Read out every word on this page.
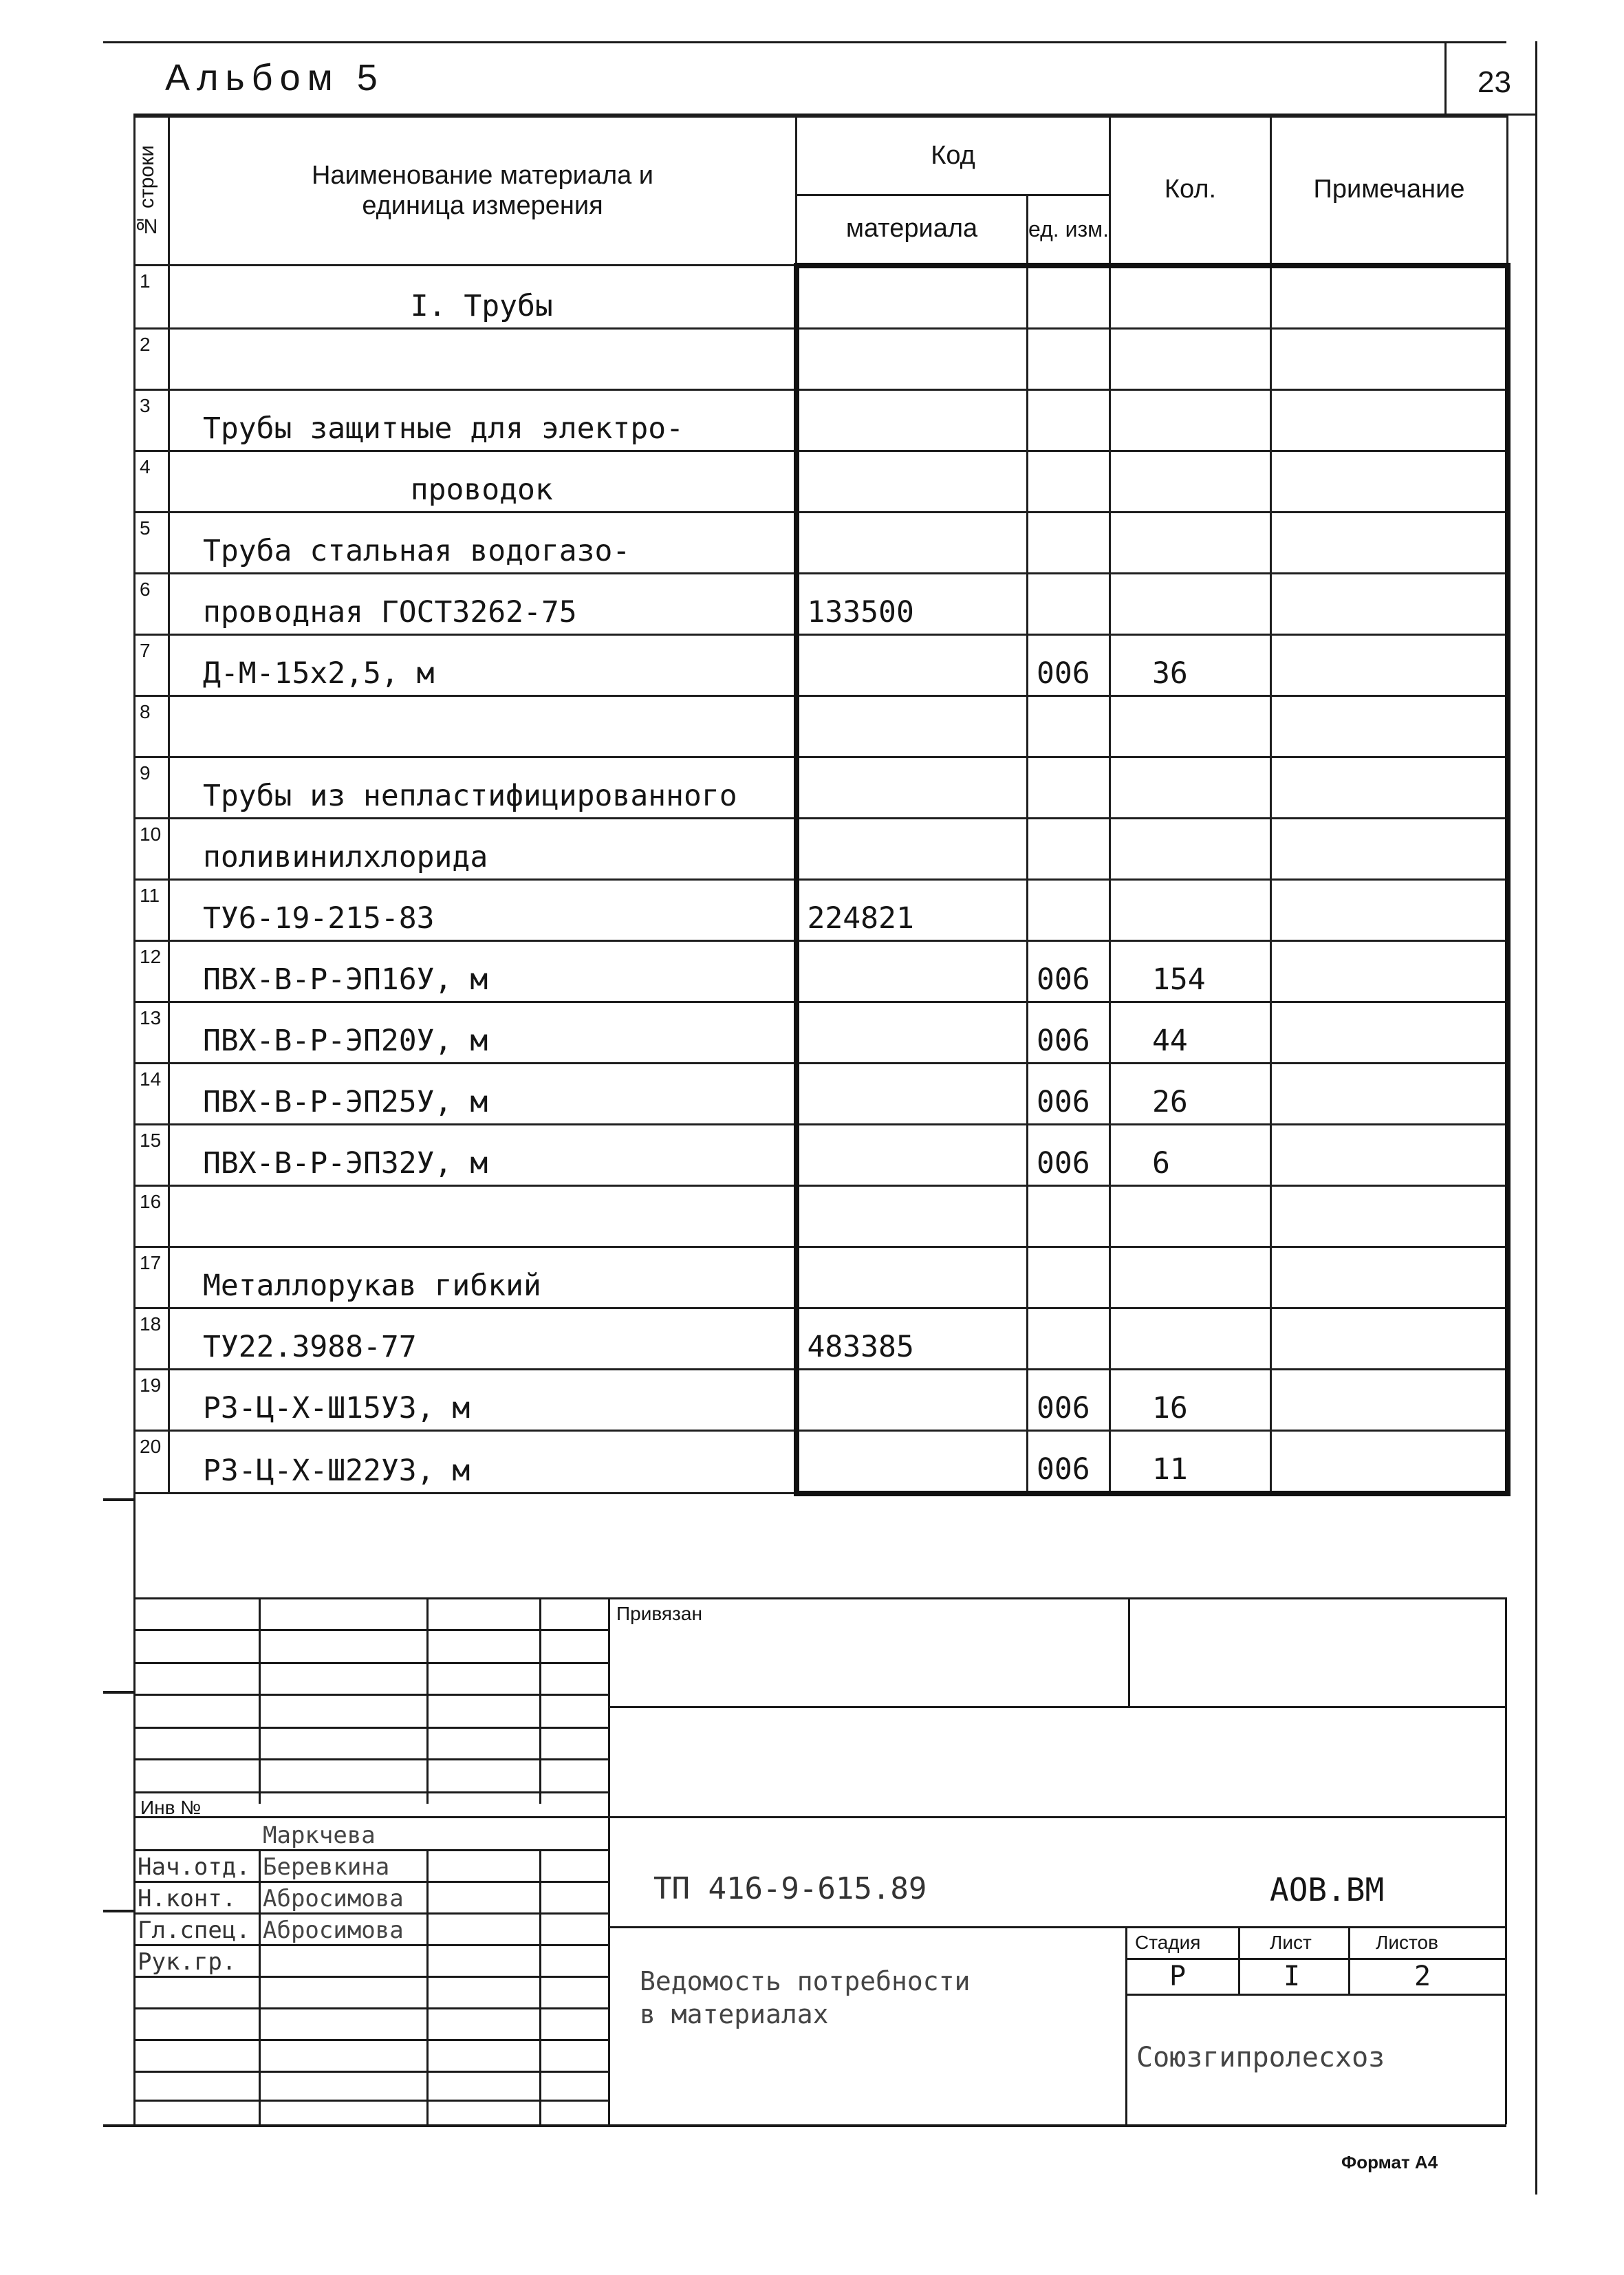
Альбом 5	23
№ строки	Наименование материала и единица измерения	Код		Кол.	Примечание
		материала	ед. изм.		
1	I. Трубы				
2					
3	Трубы защитные для электро-				
4	проводок				
5	Труба стальная водогазо-				
6	проводная ГОСТ3262-75	133500			
7	Д-М-15х2,5, м		006	36	
8					
9	Трубы из непластифицированного				
10	поливинилхлорида				
11	ТУ6-19-215-83	224821			
12	ПВХ-В-Р-ЭП16У, м		006	154	
13	ПВХ-В-Р-ЭП20У, м		006	44	
14	ПВХ-В-Р-ЭП25У, м		006	26	
15	ПВХ-В-Р-ЭП32У, м		006	6	
16					
17	Металлорукав гибкий				
18	ТУ22.3988-77	483385			
19	РЗ-Ц-Х-Ш15УЗ, м		006	16	
20	РЗ-Ц-Х-Ш22УЗ, м		006	11	
Привязан
Инв №
Маркчева
Нач.отд. Беревкинa
Н.конт. Абросимова
Гл.спец. Абросимова
Рук.гр.
ТП 416-9-615.89	АОВ.ВМ
Ведомость потребности
в материалах
Стадия	Лист	Листов
Р	I	2
Союзгипролесхоз
Формат А4
